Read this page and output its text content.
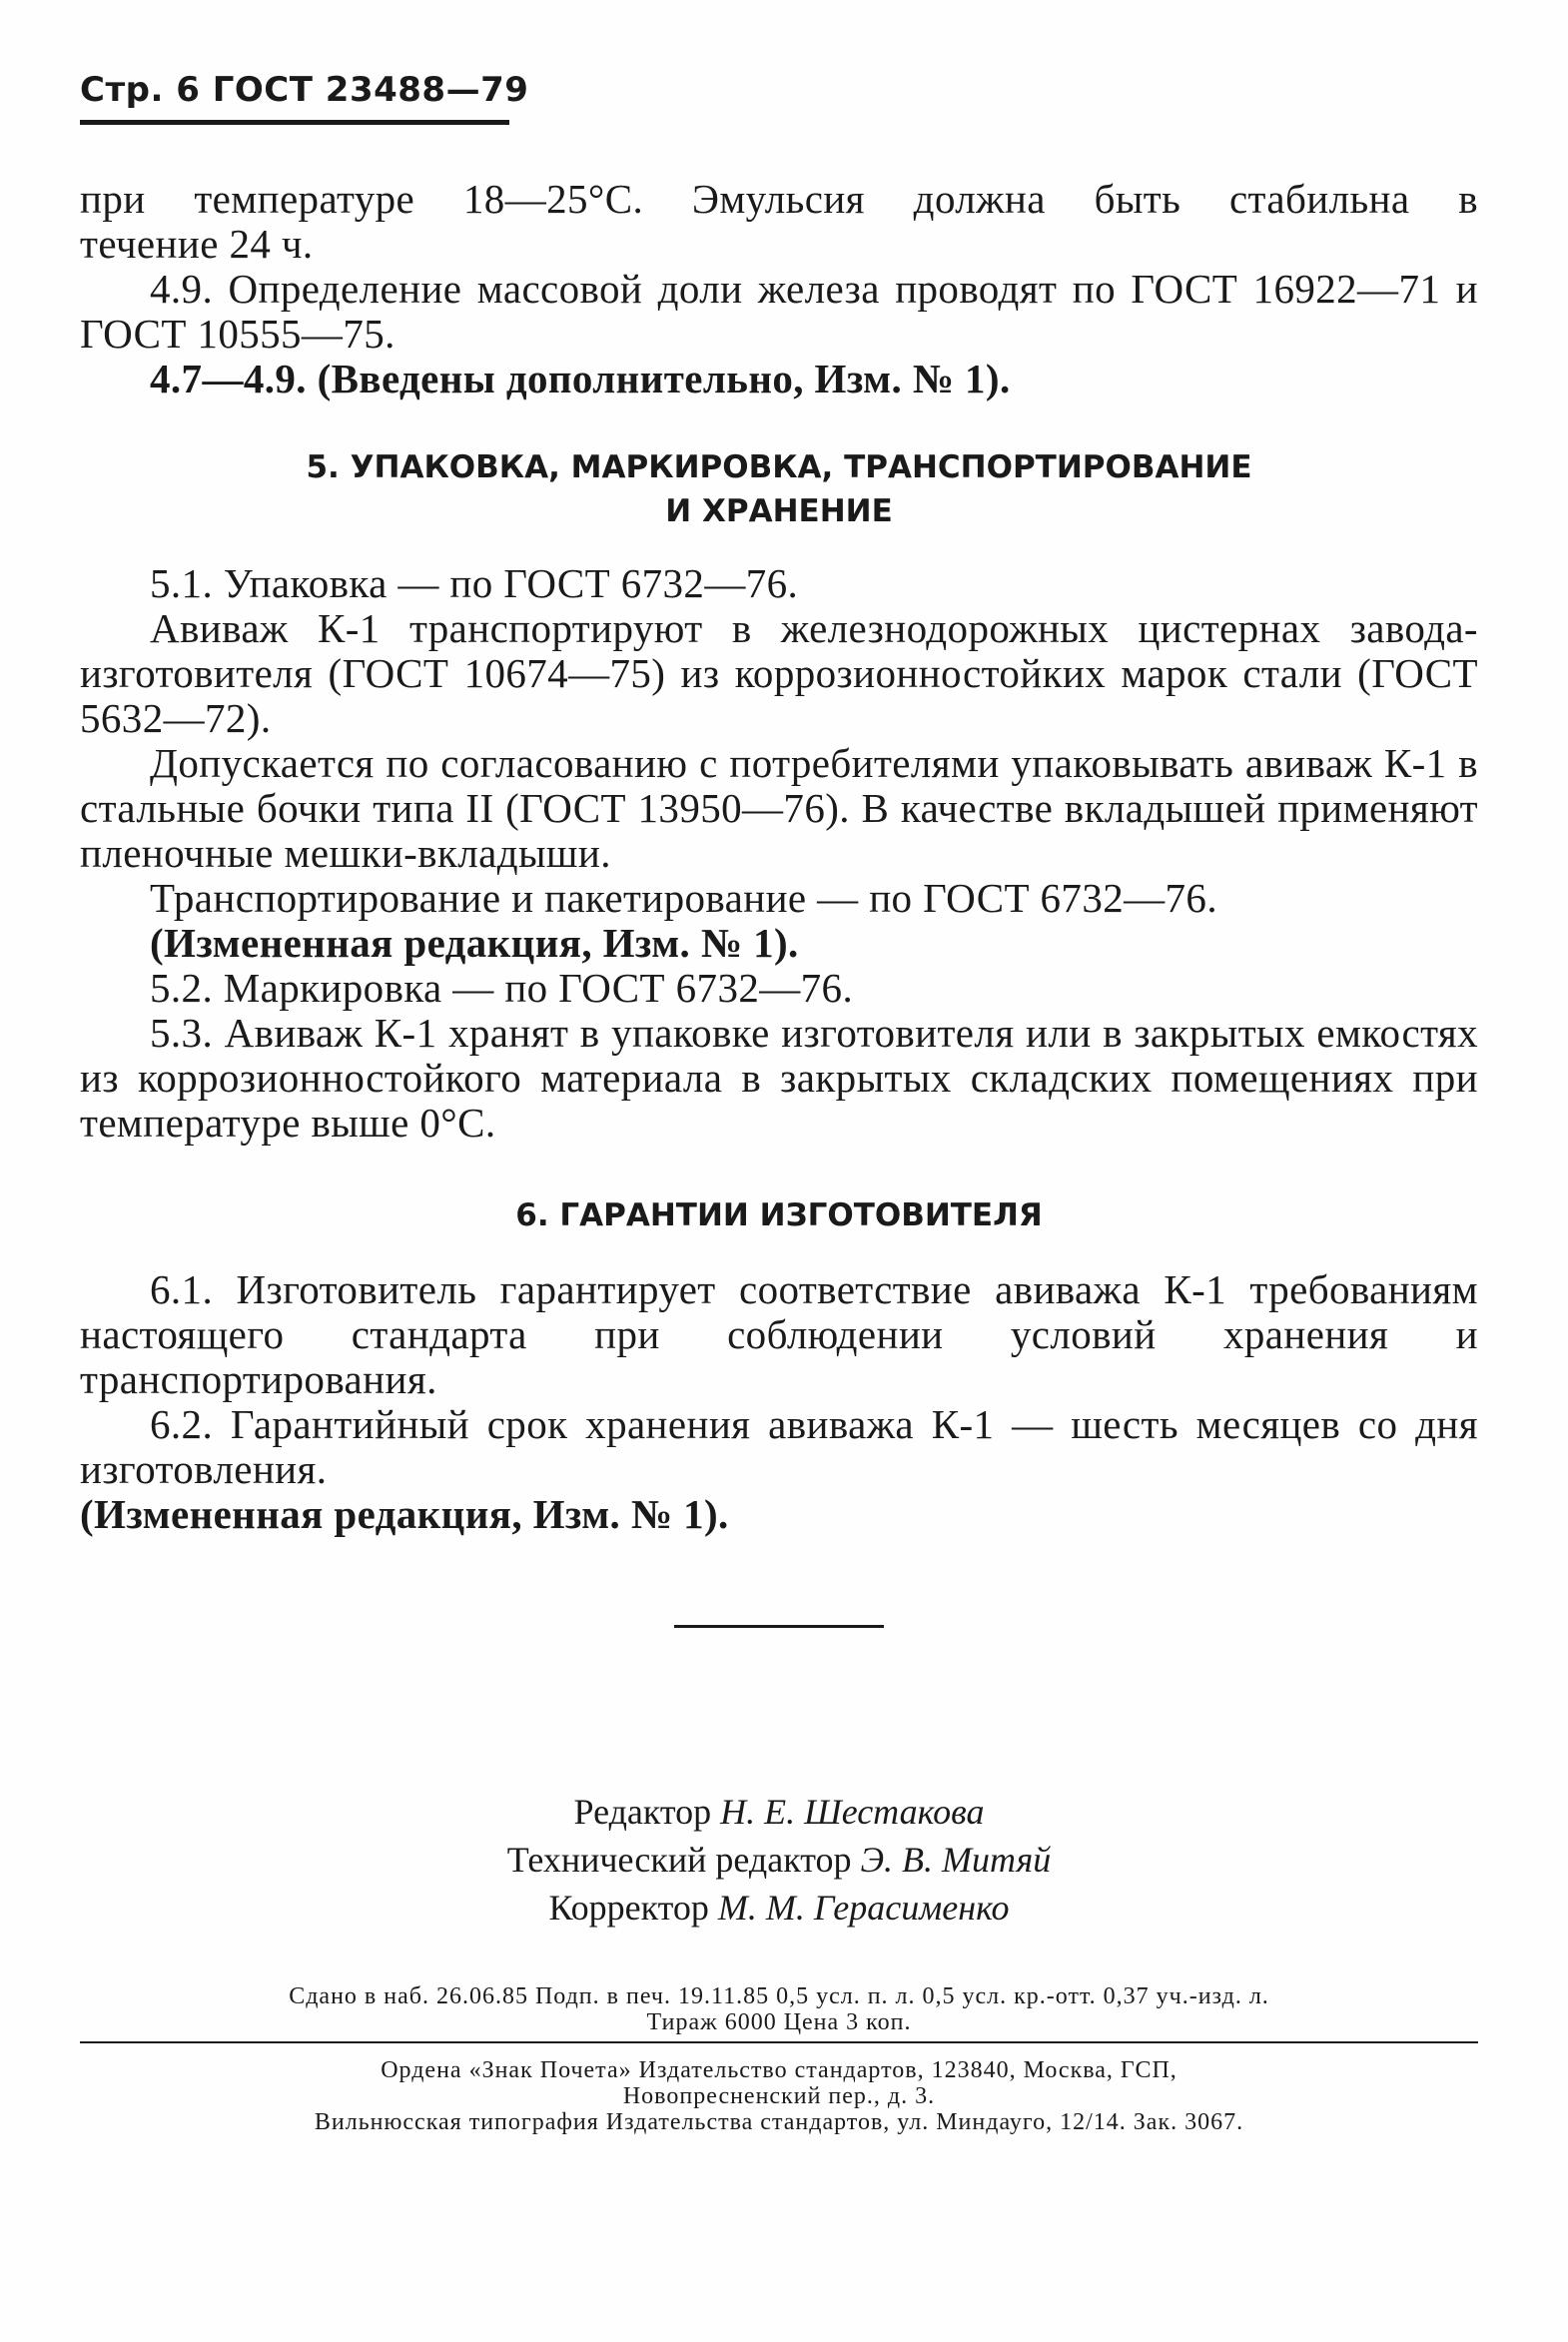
Стр. 6 ГОСТ 23488—79

при температуре 18—25°С. Эмульсия должна быть стабильна в

течение 24 ч.

4.9. Определение массовой доли железа проводят по ГОСТ 16922—71 и ГОСТ 10555—75.

4.7—4.9. (Введены дополнительно, Изм. № 1).

5. УПАКОВКА, МАРКИРОВКА, ТРАНСПОРТИРОВАНИЕ

И ХРАНЕНИЕ

5.1. Упаковка — по ГОСТ 6732—76.

Авиваж К-1 транспортируют в железнодорожных цистернах завода-изготовителя (ГОСТ 10674—75) из коррозионностойких марок стали (ГОСТ 5632—72).

Допускается по согласованию с потребителями упаковывать авиваж К-1 в стальные бочки типа II (ГОСТ 13950—76). В качестве вкладышей применяют пленочные мешки-вкладыши.

Транспортирование и пакетирование — по ГОСТ 6732—76.

(Измененная редакция, Изм. № 1).

5.2. Маркировка — по ГОСТ 6732—76.

5.3. Авиваж К-1 хранят в упаковке изготовителя или в закрытых емкостях из коррозионностойкого материала в закрытых складских помещениях при температуре выше 0°С.

6. ГАРАНТИИ ИЗГОТОВИТЕЛЯ

6.1. Изготовитель гарантирует соответствие авиважа К-1 требованиям настоящего стандарта при соблюдении условий хранения и транспортирования.

6.2. Гарантийный срок хранения авиважа К-1 — шесть месяцев со дня изготовления.

(Измененная редакция, Изм. № 1).

Редактор Н. Е. Шестакова
Технический редактор Э. В. Митяй
Корректор М. М. Герасименко
Сдано в наб. 26.06.85 Подп. в печ. 19.11.85 0,5 усл. п. л. 0,5 усл. кр.-отт. 0,37 уч.-изд. л.
Тираж 6000 Цена 3 коп.
Ордена «Знак Почета» Издательство стандартов, 123840, Москва, ГСП,
Новопресненский пер., д. 3.
Вильнюсская типография Издательства стандартов, ул. Миндауго, 12/14. Зак. 3067.
